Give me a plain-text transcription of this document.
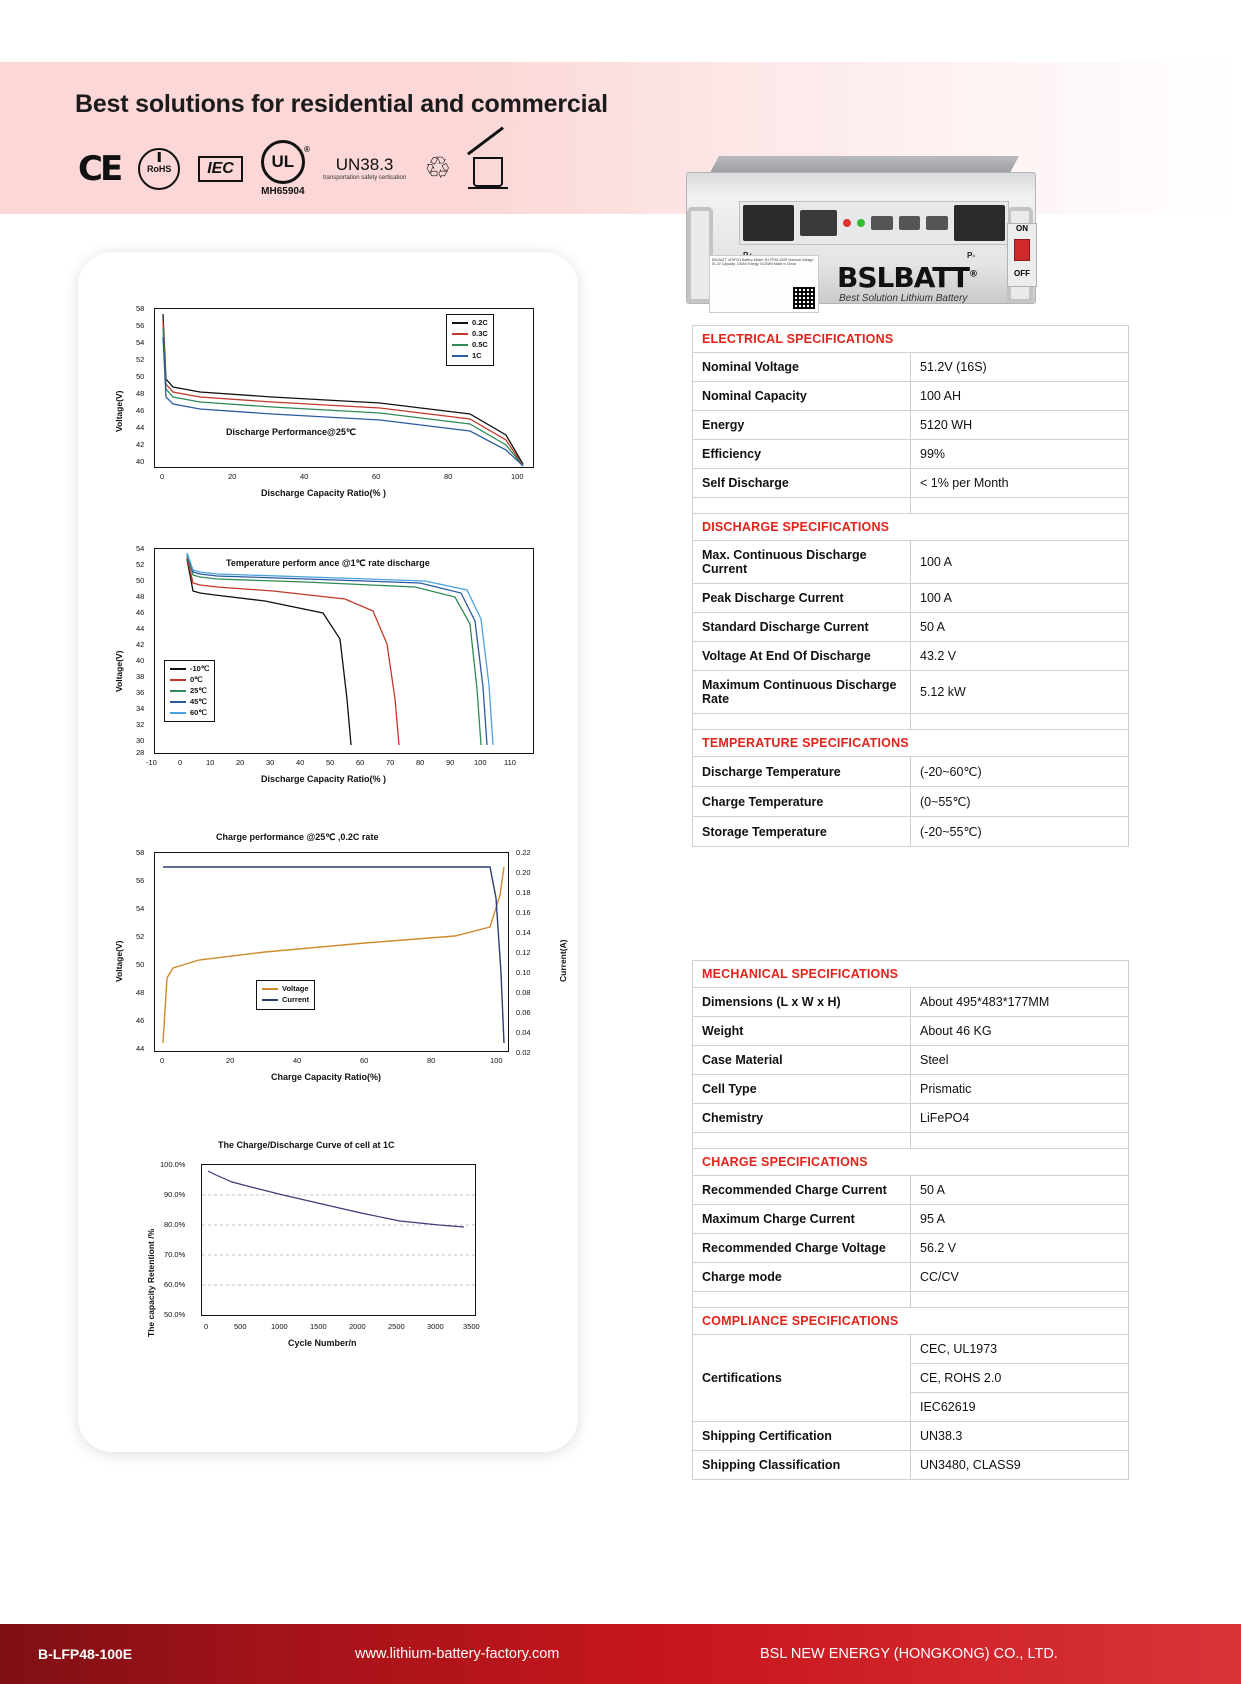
Best solutions for residential and commercial
CE	RoHS	IEC	UL
®
MH65904
UN38.3
transportation safety certication ♲
P-
BSLBATT LiFePO4 Battery Model: B-LFP48-100E Nominal Voltage: 51.2V Capacity: 100Ah Energy: 5120Wh Made in China	BSLBATT®
Best Solution Lithium Battery
ON
OFF
Voltage(V)
0.2C
0.3C
0.5C
1C
Discharge Performance@25℃
58
56
54
52
50
48
46
44
42
40
0	20	40	60	80	100
Discharge Capacity Ratio(% )
Voltage(V)
Temperature perform ance @1℃ rate discharge
-10℃
0℃
25℃
45℃
60℃
54
52
50
48
46
44
42
40
38
36
34
32
30
28
-10	0	10	20	30	40	50	60	70	80	90	100 110
Discharge Capacity Ratio(% )
Charge performance @25℃ ,0.2C rate
Voltage(V)	Current(A)
Voltage
Current
58
56
54
52
50
48
46
44
0.22
0.20
0.18
0.16
0.14
0.12
0.10
0.08
0.06
0.04
0.02
0	20	40	60	80	100
Charge Capacity Ratio(%)
The Charge/Discharge Curve of cell at 1C
The capacity Retentiont /%
100.0%
90.0%
80.0%
70.0%
60.0%
50.0%
0	500	1000	1500	2000	2500	3000	3500
Cycle Number/n
ELECTRICAL SPECIFICATIONS	
Nominal Voltage	51.2V (16S)
Nominal Capacity	100 AH
Energy	5120 WH
Efficiency	99%
Self Discharge	< 1% per Month

DISCHARGE SPECIFICATIONS	
Max. Continuous Discharge Current	100 A
Peak Discharge Current	100 A
Standard Discharge Current	50 A
Voltage At End Of Discharge	43.2 V
Maximum Continuous Discharge Rate	5.12 kW

TEMPERATURE SPECIFICATIONS	
Discharge Temperature	(-20~60℃)
Charge Temperature	(0~55℃)
Storage Temperature	(-20~55℃)
MECHANICAL SPECIFICATIONS	
Dimensions (L x W x H)	About 495*483*177MM
Weight	About 46 KG
Case Material	Steel
Cell Type	Prismatic
Chemistry	LiFePO4

CHARGE SPECIFICATIONS	
Recommended Charge Current	50 A
Maximum Charge Current	95 A
Recommended Charge Voltage	56.2 V
Charge mode	CC/CV

COMPLIANCE SPECIFICATIONS	
Certifications	CEC, UL1973
	CE, ROHS 2.0
	IEC62619
Shipping Certification	UN38.3
Shipping Classification	UN3480, CLASS9
B-LFP48-100E	www.lithium-battery-factory.com	BSL NEW ENERGY (HONGKONG) CO., LTD.
